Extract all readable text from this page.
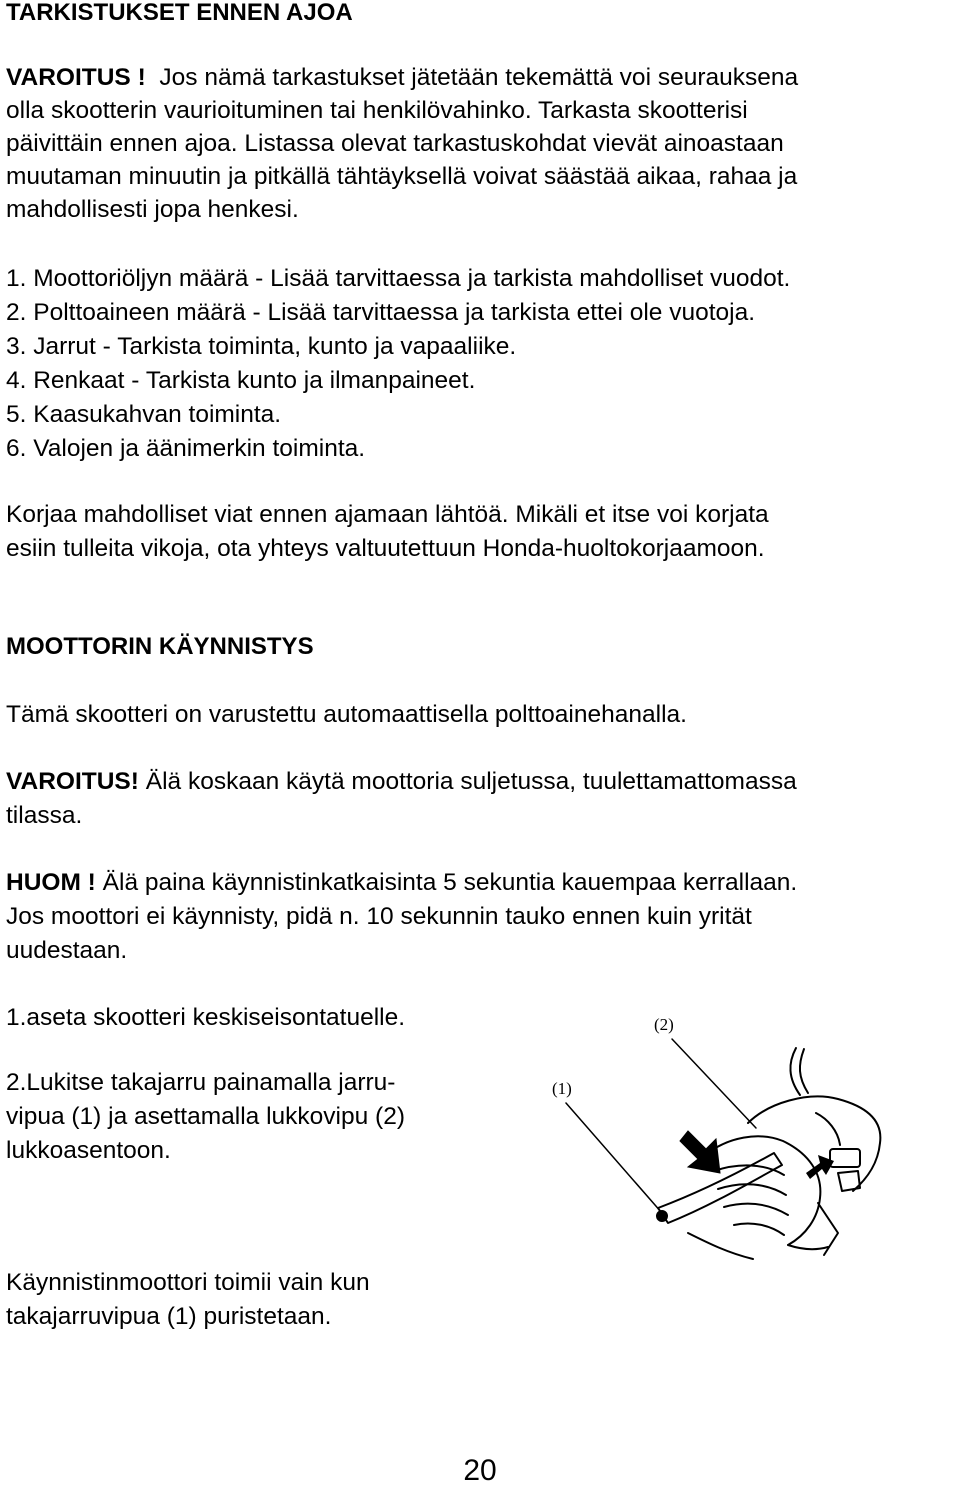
TARKISTUKSET ENNEN AJOA
VAROITUS ! Jos nämä tarkastukset jätetään tekemättä voi seurauksena
olla skootterin vaurioituminen tai henkilövahinko. Tarkasta skootterisi
päivittäin ennen ajoa. Listassa olevat tarkastuskohdat vievät ainoastaan
muutaman minuutin ja pitkällä tähtäyksellä voivat säästää aikaa, rahaa ja
mahdollisesti jopa henkesi.
1. Moottoriöljyn määrä - Lisää tarvittaessa ja tarkista mahdolliset vuodot.
2. Polttoaineen määrä - Lisää tarvittaessa ja tarkista ettei ole vuotoja.
3. Jarrut - Tarkista toiminta, kunto ja vapaaliike.
4. Renkaat - Tarkista kunto ja ilmanpaineet.
5. Kaasukahvan toiminta.
6. Valojen ja äänimerkin toiminta.
Korjaa mahdolliset viat ennen ajamaan lähtöä. Mikäli et itse voi korjata
esiin tulleita vikoja, ota yhteys valtuutettuun Honda-huoltokorjaamoon.
MOOTTORIN KÄYNNISTYS
Tämä skootteri on varustettu automaattisella polttoainehanalla.
VAROITUS! Älä koskaan käytä moottoria suljetussa, tuulettamattomassa
tilassa.
HUOM ! Älä paina käynnistinkatkaisinta 5 sekuntia kauempaa kerrallaan.
Jos moottori ei käynnisty, pidä n. 10 sekunnin tauko ennen kuin yrität
uudestaan.
1.aseta skootteri keskiseisontatuelle.
2.Lukitse takajarru painamalla jarru-
vipua (1) ja asettamalla lukkovipu (2)
lukkoasentoon.
Käynnistinmoottori toimii vain kun
takajarruvipua (1) puristetaan.
(2)
(1)
20
